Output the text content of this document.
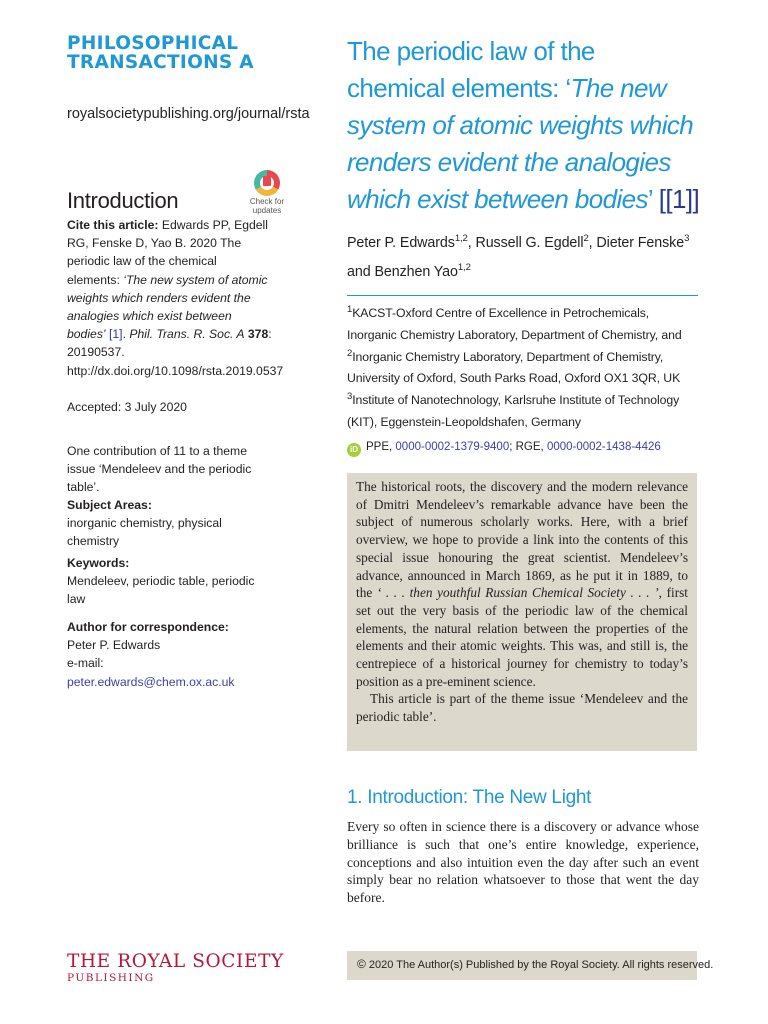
PHILOSOPHICAL
TRANSACTIONS A
royalsocietypublishing.org/journal/rsta
Introduction	Check for
updates
Cite this article: Edwards PP, Egdell RG, Fenske D, Yao B. 2020 The periodic law of the chemical elements: ‘The new system of atomic weights which renders evident the analogies which exist between bodies’ [1]. Phil. Trans. R. Soc. A 378: 20190537. http://dx.doi.org/10.1098/rsta.2019.0537
Accepted: 3 July 2020
One contribution of 11 to a theme issue ‘Mendeleev and the periodic table’.
Subject Areas:
inorganic chemistry, physical chemistry
Keywords:
Mendeleev, periodic table, periodic law
Author for correspondence:
Peter P. Edwards
e-mail: peter.edwards@chem.ox.ac.uk
THE ROYAL SOCIETY
PUBLISHING
The periodic law of the
chemical elements: ‘The new
system of atomic weights which
renders evident the analogies
which exist between bodies’ [[1]]
Peter P. Edwards$^{1,2}$, Russell G. Egdell$^2$, Dieter Fenske$^3$
and Benzhen Yao$^{1,2}$
$^1$KACST-Oxford Centre of Excellence in Petrochemicals, Inorganic Chemistry Laboratory, Department of Chemistry, and $^2$Inorganic Chemistry Laboratory, Department of Chemistry, University of Oxford, South Parks Road, Oxford OX1 3QR, UK
$^3$Institute of Nanotechnology, Karlsruhe Institute of Technology (KIT), Eggenstein-Leopoldshafen, Germany
iD PPE, 0000-0002-1379-9400; RGE, 0000-0002-1438-4426

The historical roots, the discovery and the modern relevance of Dmitri Mendeleev’s remarkable advance have been the subject of numerous scholarly works. Here, with a brief overview, we hope to provide a link into the contents of this special issue honouring the great scientist. Mendeleev’s advance, announced in March 1869, as he put it in 1889, to the ‘ . . . then youthful Russian Chemical Society . . . ’, first set out the very basis of the periodic law of the chemical elements, the natural relation between the properties of the elements and their atomic weights. This was, and still is, the centrepiece of a historical journey for chemistry to today’s position as a pre-eminent science.

This article is part of the theme issue ‘Mendeleev and the periodic table’.

1. Introduction: The New Light
Every so often in science there is a discovery or advance whose brilliance is such that one’s entire knowledge, experience, conceptions and also intuition even the day after such an event simply bear no relation whatsoever to those that went the day before.
© 2020 The Author(s) Published by the Royal Society. All rights reserved.
